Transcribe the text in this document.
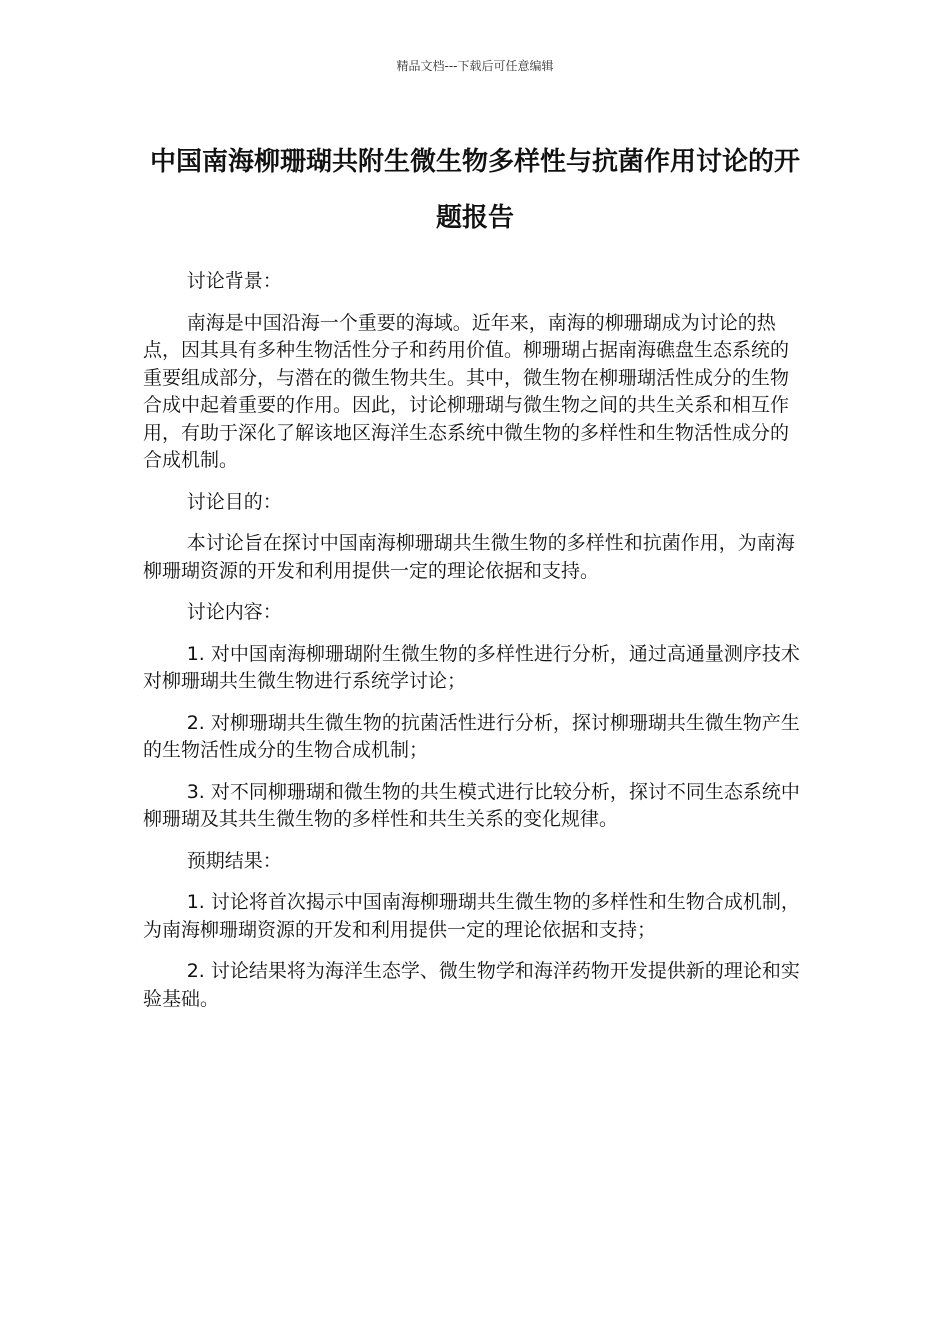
精品文档---下载后可任意编辑
中国南海柳珊瑚共附生微生物多样性与抗菌作用讨论的开题报告

讨论背景：

南海是中国沿海一个重要的海域。近年来，南海的柳珊瑚成为讨论的热点，因其具有多种生物活性分子和药用价值。柳珊瑚占据南海礁盘生态系统的重要组成部分，与潜在的微生物共生。其中，微生物在柳珊瑚活性成分的生物合成中起着重要的作用。因此，讨论柳珊瑚与微生物之间的共生关系和相互作用，有助于深化了解该地区海洋生态系统中微生物的多样性和生物活性成分的合成机制。

讨论目的：

本讨论旨在探讨中国南海柳珊瑚共生微生物的多样性和抗菌作用，为南海柳珊瑚资源的开发和利用提供一定的理论依据和支持。

讨论内容：

1. 对中国南海柳珊瑚附生微生物的多样性进行分析，通过高通量测序技术对柳珊瑚共生微生物进行系统学讨论；

2. 对柳珊瑚共生微生物的抗菌活性进行分析，探讨柳珊瑚共生微生物产生的生物活性成分的生物合成机制；

3. 对不同柳珊瑚和微生物的共生模式进行比较分析，探讨不同生态系统中柳珊瑚及其共生微生物的多样性和共生关系的变化规律。

预期结果：

1. 讨论将首次揭示中国南海柳珊瑚共生微生物的多样性和生物合成机制，为南海柳珊瑚资源的开发和利用提供一定的理论依据和支持；

2. 讨论结果将为海洋生态学、微生物学和海洋药物开发提供新的理论和实验基础。
